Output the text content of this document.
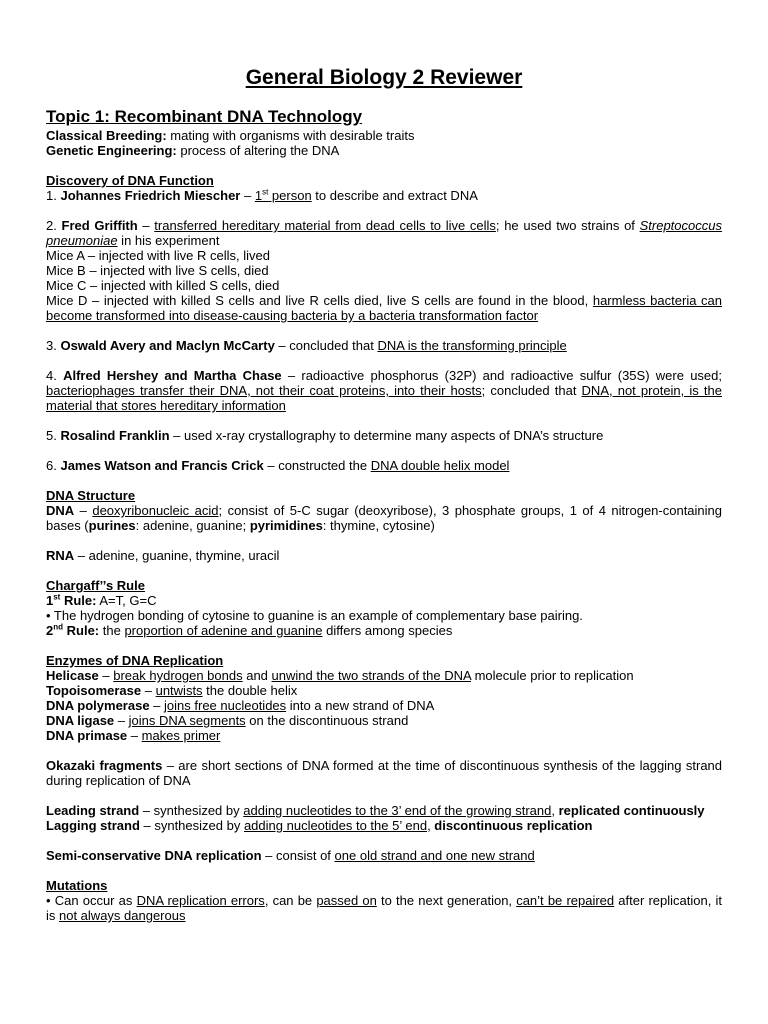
General Biology 2 Reviewer
Topic 1: Recombinant DNA Technology

Classical Breeding: mating with organisms with desirable traits

Genetic Engineering: process of altering the DNA

Discovery of DNA Function

1. Johannes Friedrich Miescher – 1st person to describe and extract DNA

2. Fred Griffith – transferred hereditary material from dead cells to live cells; he used two strains of Streptococcus pneumoniae in his experiment

Mice A – injected with live R cells, lived

Mice B – injected with live S cells, died

Mice C – injected with killed S cells, died

Mice D – injected with killed S cells and live R cells died, live S cells are found in the blood, harmless bacteria can become transformed into disease-causing bacteria by a bacteria transformation factor

3. Oswald Avery and Maclyn McCarty – concluded that DNA is the transforming principle

4. Alfred Hershey and Martha Chase – radioactive phosphorus (32P) and radioactive sulfur (35S) were used; bacteriophages transfer their DNA, not their coat proteins, into their hosts; concluded that DNA, not protein, is the material that stores hereditary information

5. Rosalind Franklin – used x-ray crystallography to determine many aspects of DNA’s structure

6. James Watson and Francis Crick – constructed the DNA double helix model

DNA Structure

DNA – deoxyribonucleic acid; consist of 5-C sugar (deoxyribose), 3 phosphate groups, 1 of 4 nitrogen-containing bases (purines: adenine, guanine; pyrimidines: thymine, cytosine)

RNA – adenine, guanine, thymine, uracil

Chargaff’’s Rule

1st Rule: A=T, G=C

• The hydrogen bonding of cytosine to guanine is an example of complementary base pairing.

2nd Rule: the proportion of adenine and guanine differs among species

Enzymes of DNA Replication

Helicase – break hydrogen bonds and unwind the two strands of the DNA molecule prior to replication

Topoisomerase – untwists the double helix

DNA polymerase – joins free nucleotides into a new strand of DNA

DNA ligase – joins DNA segments on the discontinuous strand

DNA primase – makes primer

Okazaki fragments – are short sections of DNA formed at the time of discontinuous synthesis of the lagging strand during replication of DNA

Leading strand – synthesized by adding nucleotides to the 3’ end of the growing strand, replicated continuously

Lagging strand – synthesized by adding nucleotides to the 5’ end, discontinuous replication

Semi-conservative DNA replication – consist of one old strand and one new strand

Mutations

• Can occur as DNA replication errors, can be passed on to the next generation, can’t be repaired after replication, it is not always dangerous
